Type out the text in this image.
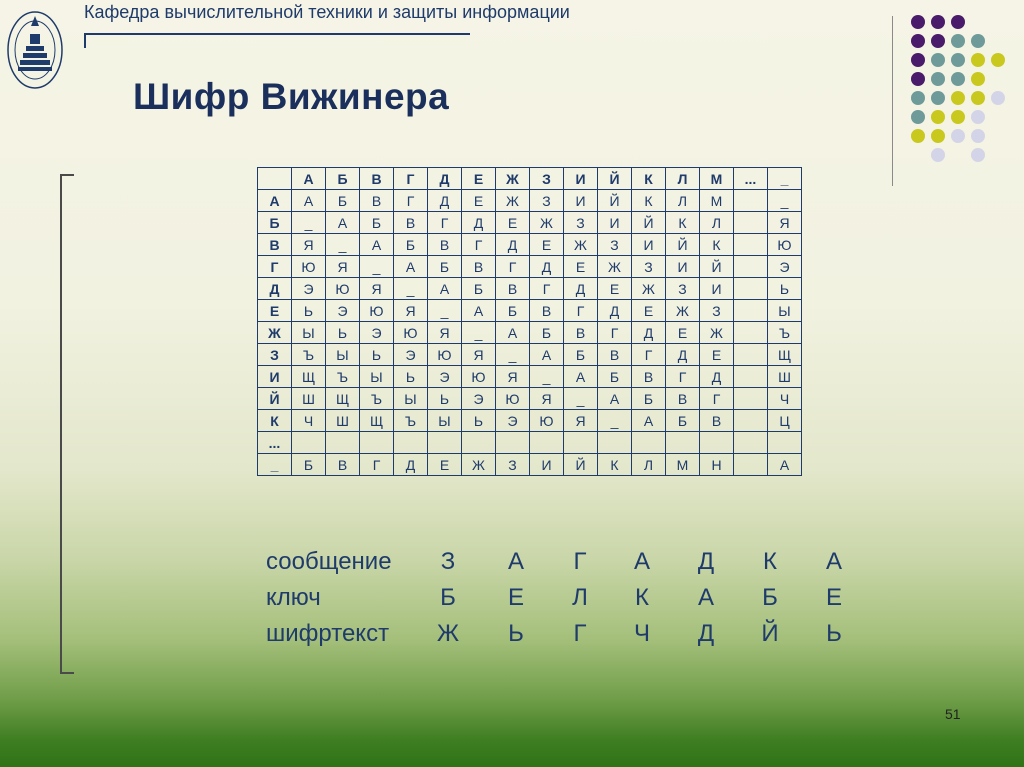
Кафедра вычислительной техники и защиты информации
Шифр Вижинера
	А	Б	В	Г	Д	Е	Ж	З	И	Й	К	Л	М	...	_
А	А	Б	В	Г	Д	Е	Ж	З	И	Й	К	Л	М		_
Б	_	А	Б	В	Г	Д	Е	Ж	З	И	Й	К	Л		Я
В	Я	_	А	Б	В	Г	Д	Е	Ж	З	И	Й	К		Ю
Г	Ю	Я	_	А	Б	В	Г	Д	Е	Ж	З	И	Й		Э
Д	Э	Ю	Я	_	А	Б	В	Г	Д	Е	Ж	З	И		Ь
Е	Ь	Э	Ю	Я	_	А	Б	В	Г	Д	Е	Ж	З		Ы
Ж	Ы	Ь	Э	Ю	Я	_	А	Б	В	Г	Д	Е	Ж		Ъ
З	Ъ	Ы	Ь	Э	Ю	Я	_	А	Б	В	Г	Д	Е		Щ
И	Щ	Ъ	Ы	Ь	Э	Ю	Я	_	А	Б	В	Г	Д		Ш
Й	Ш	Щ	Ъ	Ы	Ь	Э	Ю	Я	_	А	Б	В	Г		Ч
К	Ч	Ш	Щ	Ъ	Ы	Ь	Э	Ю	Я	_	А	Б	В		Ц
...															
_	Б	В	Г	Д	Е	Ж	З	И	Й	К	Л	М	Н		А
сообщение З А	Г	А Д К А
ключ	Б Е Л К А Б Е
шифртекст Ж Ь	Г	Ч Д Й Ь
51
